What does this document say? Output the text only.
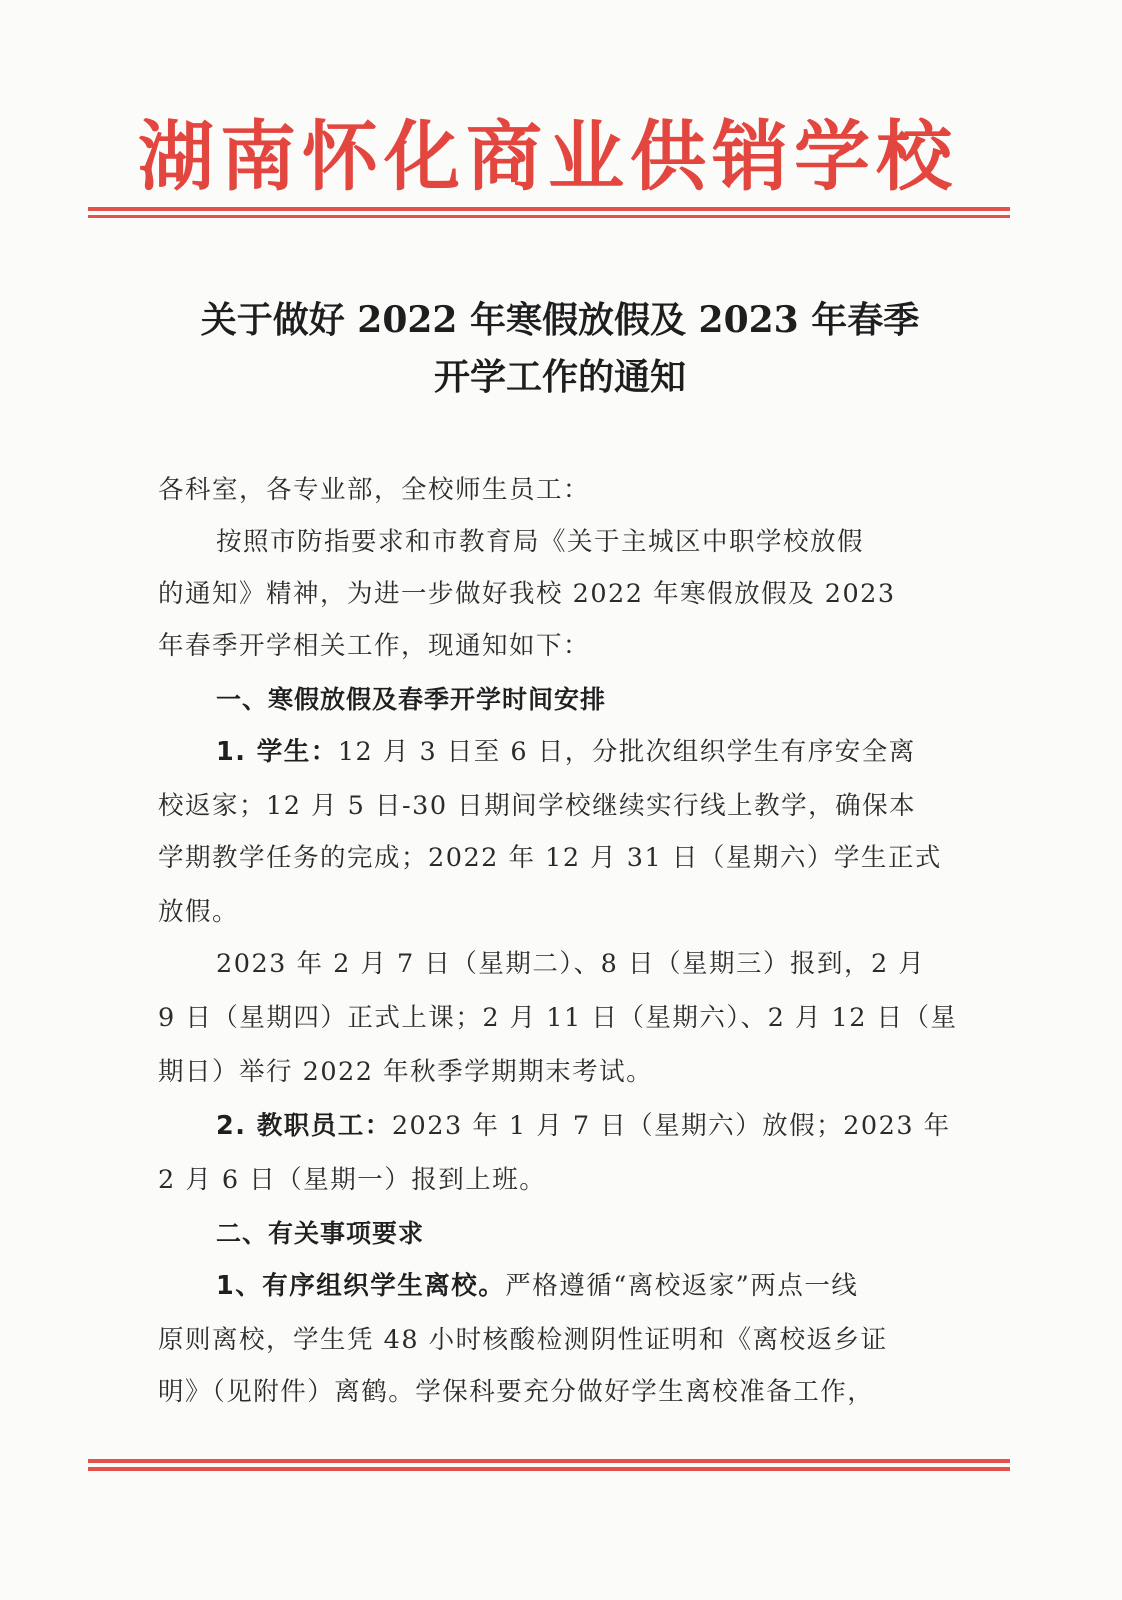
湖南怀化商业供销学校
关于做好 2022 年寒假放假及 2023 年春季
开学工作的通知
各科室，各专业部，全校师生员工：
按照市防指要求和市教育局《关于主城区中职学校放假
的通知》精神，为进一步做好我校 2022 年寒假放假及 2023
年春季开学相关工作，现通知如下：
一、寒假放假及春季开学时间安排
1. 学生：12 月 3 日至 6 日，分批次组织学生有序安全离
校返家；12 月 5 日-30 日期间学校继续实行线上教学，确保本
学期教学任务的完成；2022 年 12 月 31 日（星期六）学生正式
放假。
2023 年 2 月 7 日（星期二）、8 日（星期三）报到，2 月
9 日（星期四）正式上课；2 月 11 日（星期六）、2 月 12 日（星
期日）举行 2022 年秋季学期期末考试。
2. 教职员工：2023 年 1 月 7 日（星期六）放假；2023 年
2 月 6 日（星期一）报到上班。
二、有关事项要求
1、有序组织学生离校。严格遵循“离校返家”两点一线
原则离校，学生凭 48 小时核酸检测阴性证明和《离校返乡证
明》（见附件）离鹤。学保科要充分做好学生离校准备工作，
